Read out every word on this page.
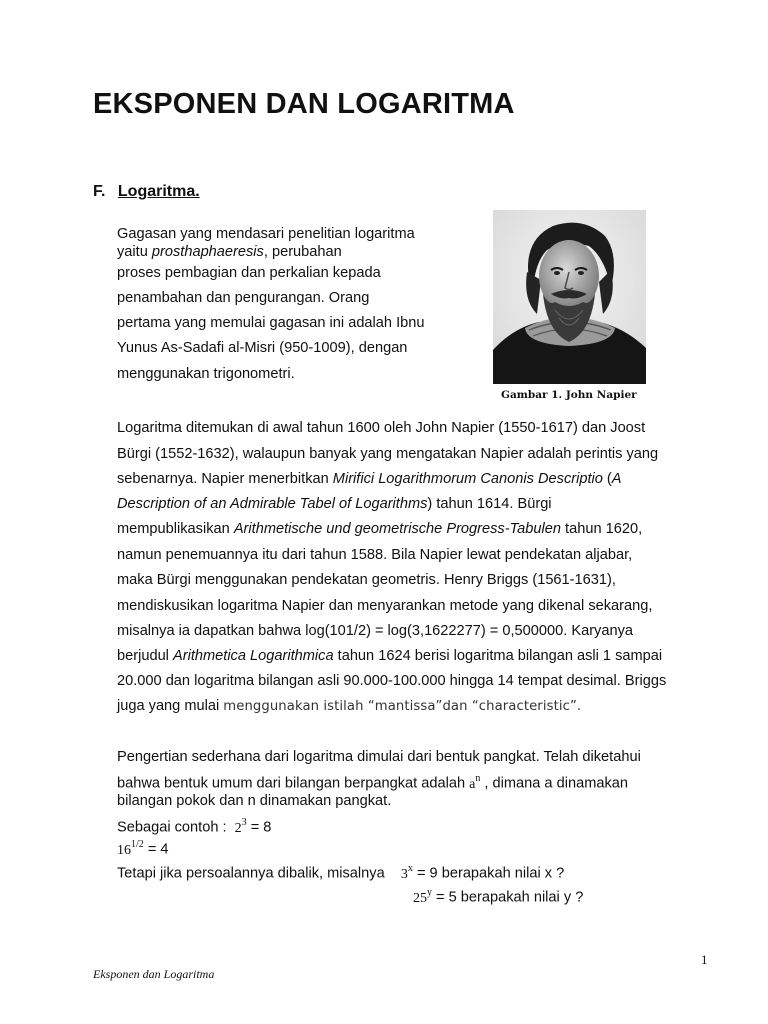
EKSPONEN DAN LOGARITMA
F. Logaritma.
Gagasan yang mendasari penelitian logaritma
yaitu prosthaphaeresis, perubahan
proses pembagian dan perkalian kepada
penambahan dan pengurangan. Orang
pertama yang memulai gagasan ini adalah Ibnu
Yunus As-Sadafi al-Misri (950-1009), dengan
menggunakan trigonometri.
Gambar 1. John Napier
Logaritma ditemukan di awal tahun 1600 oleh John Napier (1550-1617) dan Joost
Bürgi (1552-1632), walaupun banyak yang mengatakan Napier adalah perintis yang
sebenarnya. Napier menerbitkan Mirifici Logarithmorum Canonis Descriptio (A
Description of an Admirable Tabel of Logarithms) tahun 1614. Bürgi
mempublikasikan Arithmetische und geometrische Progress-Tabulen tahun 1620,
namun penemuannya itu dari tahun 1588. Bila Napier lewat pendekatan aljabar,
maka Bürgi menggunakan pendekatan geometris. Henry Briggs (1561-1631),
mendiskusikan logaritma Napier dan menyarankan metode yang dikenal sekarang,
misalnya ia dapatkan bahwa log(101/2) = log(3,1622277) = 0,500000. Karyanya
berjudul Arithmetica Logarithmica tahun 1624 berisi logaritma bilangan asli 1 sampai
20.000 dan logaritma bilangan asli 90.000-100.000 hingga 14 tempat desimal. Briggs
juga yang mulai menggunakan istilah “mantissa”dan “characteristic”.
Pengertian sederhana dari logaritma dimulai dari bentuk pangkat. Telah diketahui
bahwa bentuk umum dari bilangan berpangkat adalah $a^n$ , dimana a dinamakan
bilangan pokok dan n dinamakan pangkat.
Sebagai contoh : $2^3 = 8$
$16^{1/2} = 4$
Tetapi jika persoalannya dibalik, misalnya $3^x = 9$ berapakah nilai x ?
$25^y = 5$ berapakah nilai y ?
1
Eksponen dan Logaritma
